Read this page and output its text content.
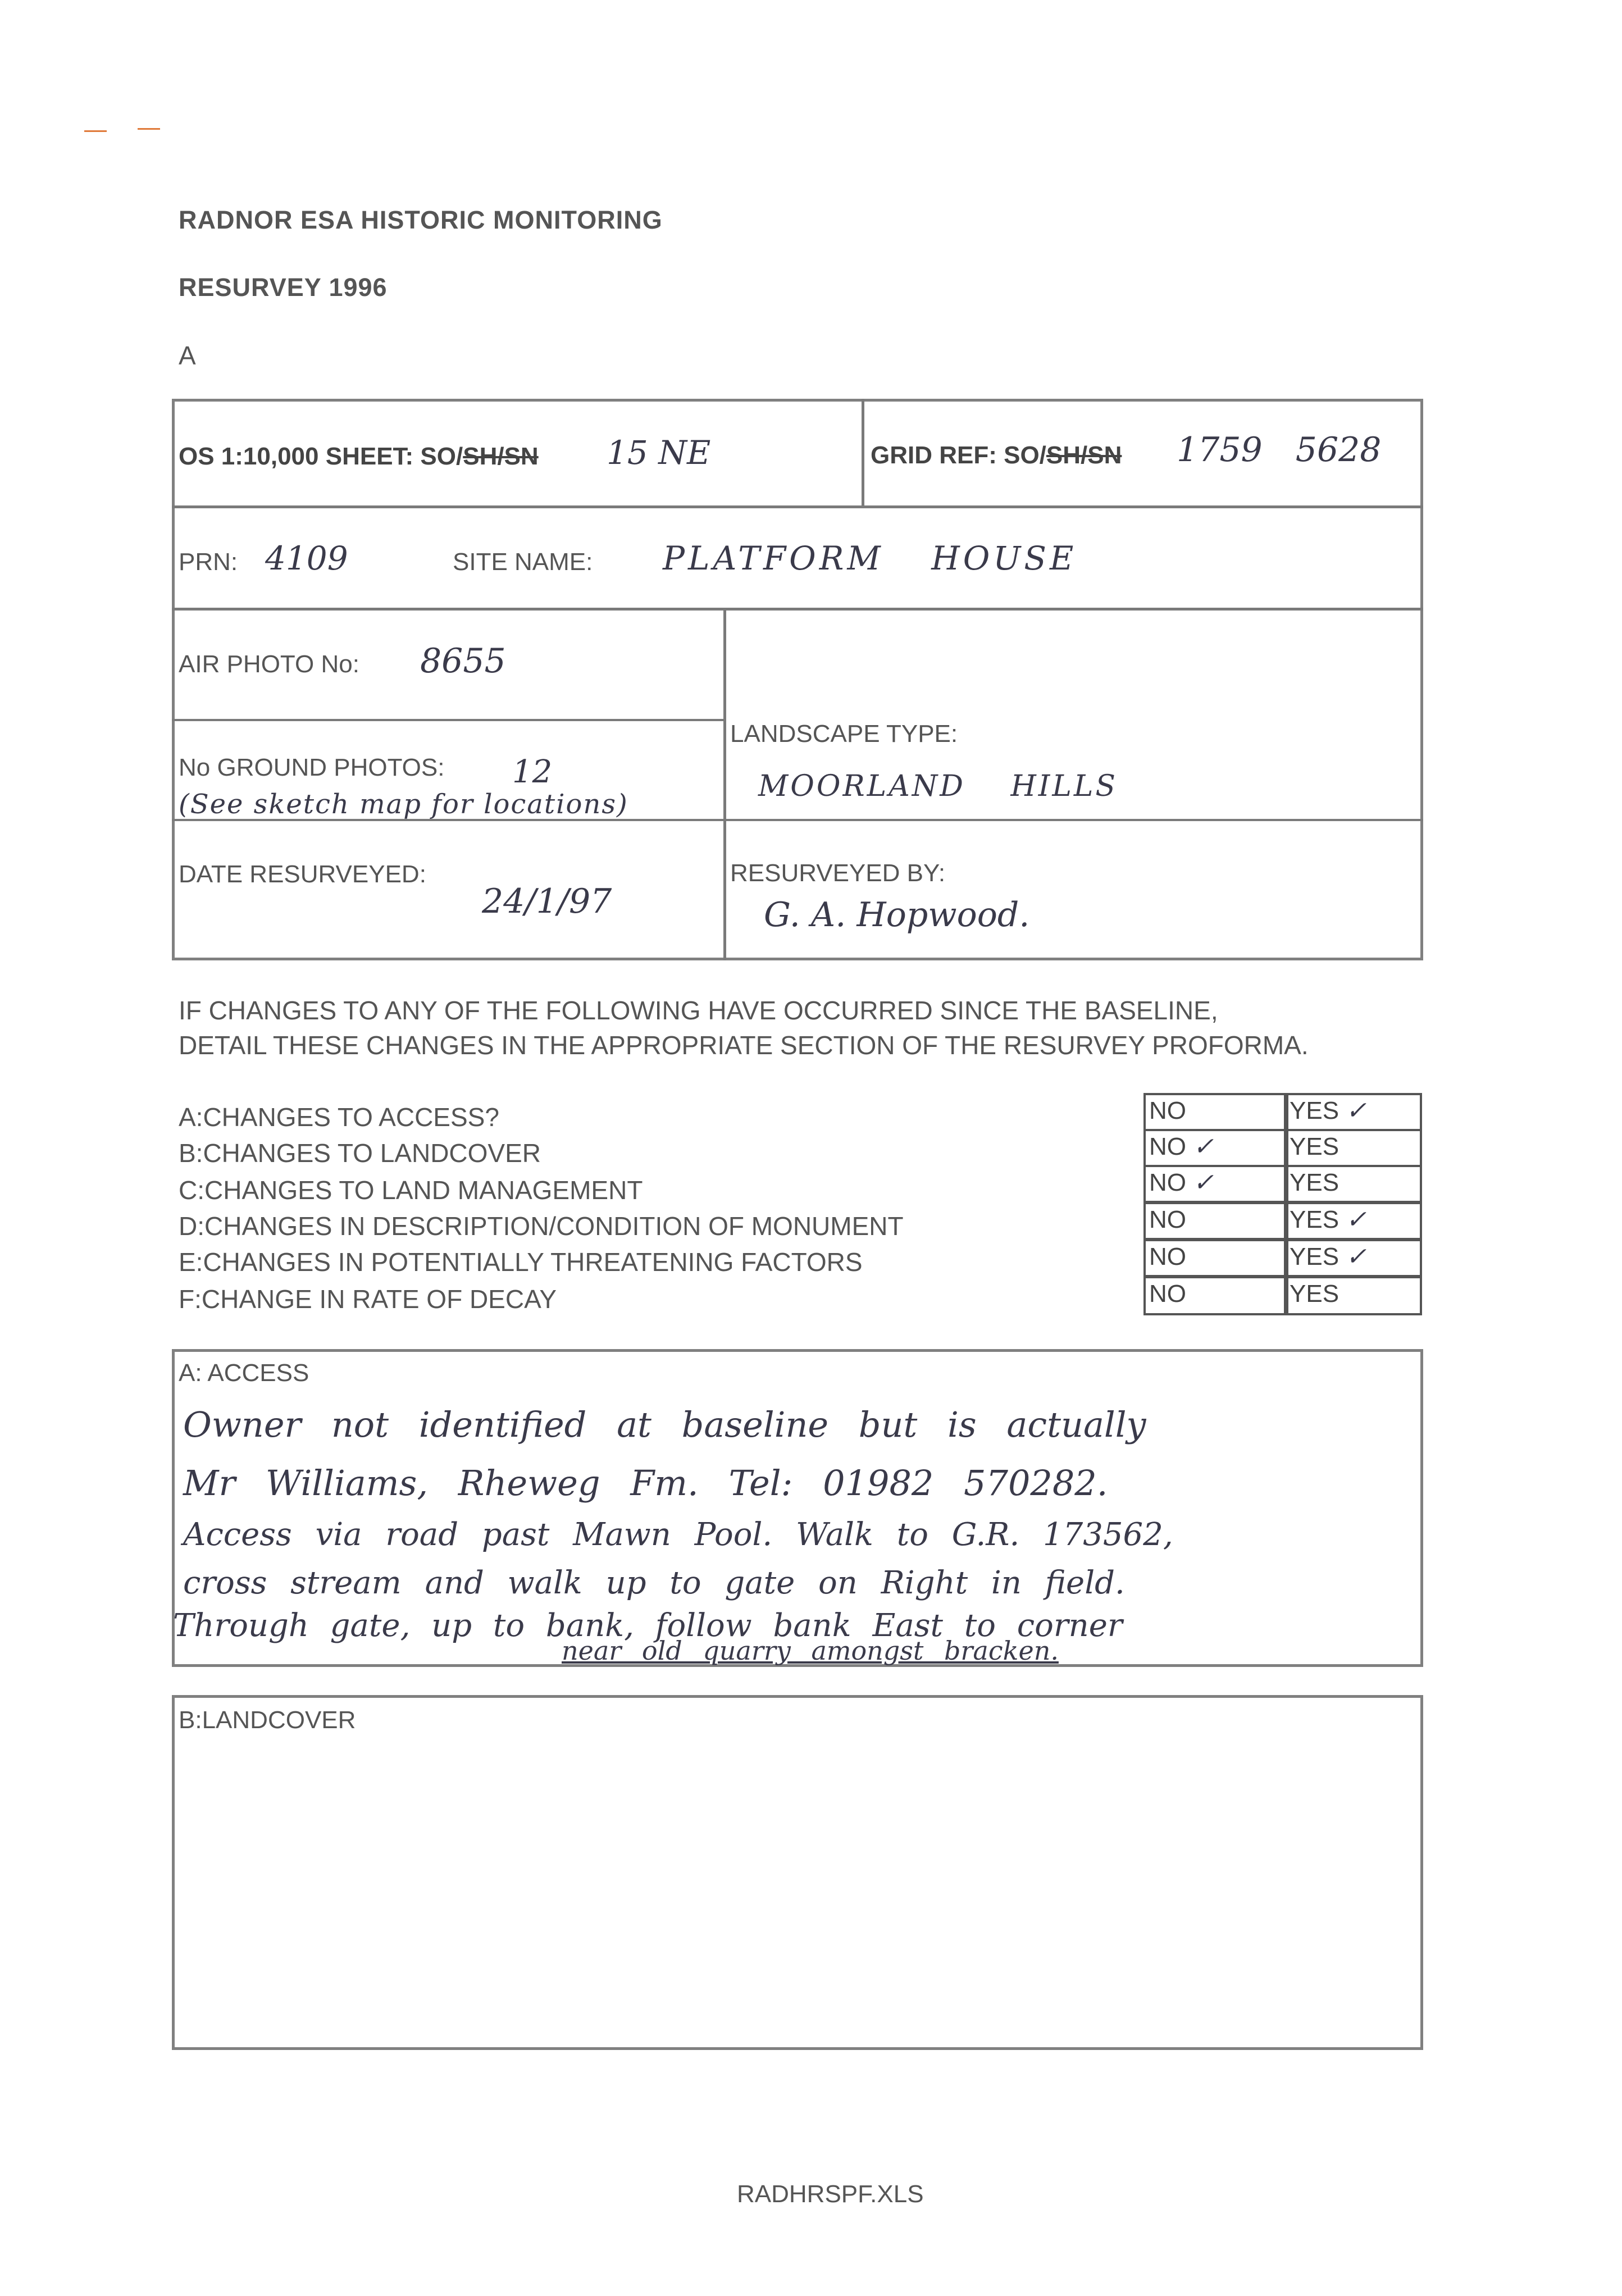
RADNOR ESA HISTORIC MONITORING
RESURVEY 1996
A
OS 1:10,000 SHEET: SO/SH/SN 15 NE	GRID REF: SO/SH/SN 1759 5628
PRN: 4109	SITE NAME: PLATFORM HOUSE
AIR PHOTO No: 8655
No GROUND PHOTOS: 12
(See sketch map for locations)
LANDSCAPE TYPE:
MOORLAND HILLS
DATE RESURVEYED:
24/1/97
RESURVEYED BY:
G. A. Hopwood.
IF CHANGES TO ANY OF THE FOLLOWING HAVE OCCURRED SINCE THE BASELINE,
DETAIL THESE CHANGES IN THE APPROPRIATE SECTION OF THE RESURVEY PROFORMA.
A:CHANGES TO ACCESS?
B:CHANGES TO LANDCOVER
C:CHANGES TO LAND MANAGEMENT
D:CHANGES IN DESCRIPTION/CONDITION OF MONUMENT
E:CHANGES IN POTENTIALLY THREATENING FACTORS
F:CHANGE IN RATE OF DECAY
NO	YES ✓
NO ✓	YES
NO ✓	YES
NO	YES ✓
NO	YES ✓
NO	YES
A: ACCESS
Owner not identified at baseline but is actually
Mr Williams, Rheweg Fm. Tel: 01982 570282.
Access via road past Mawn Pool. Walk to G.R. 173562,
cross stream and walk up to gate on Right in field.
Through gate, up to bank, follow bank East to corner
near old quarry amongst bracken.
B:LANDCOVER
RADHRSPF.XLS
